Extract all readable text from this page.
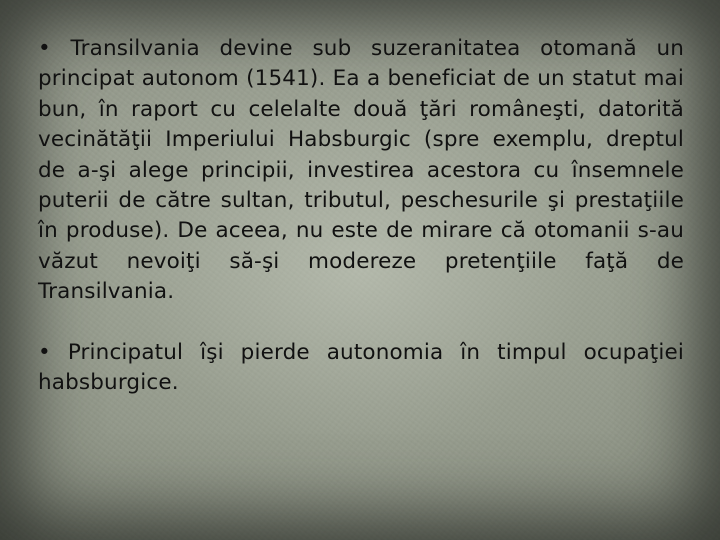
• Transilvania devine sub suzeranitatea otomană un principat autonom (1541). Ea a beneficiat de un statut mai bun, în raport cu celelalte două ţări româneşti, datorită vecinătăţii Imperiului Habsburgic (spre exemplu, dreptul de a-şi alege principii, investirea acestora cu însemnele puterii de către sultan, tributul, peschesurile şi prestaţiile în produse). De aceea, nu este de mirare că otomanii s-au văzut nevoiţi să-şi modereze pretenţiile faţă de Transilvania.

• Principatul îşi pierde autonomia în timpul ocupaţiei habsburgice.
